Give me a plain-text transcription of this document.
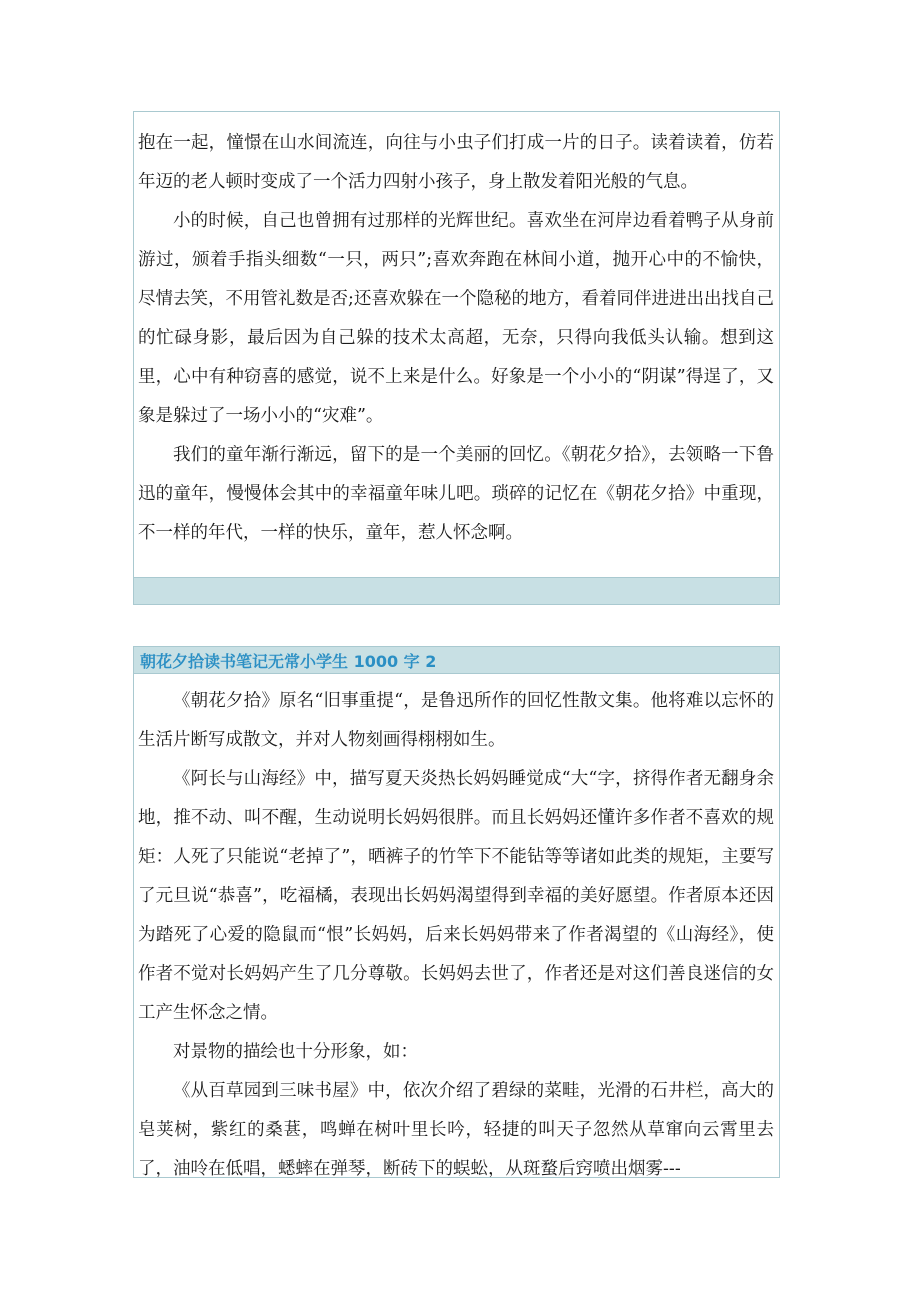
抱在一起，憧憬在山水间流连，向往与小虫子们打成一片的日子。读着读着，仿若年迈的老人顿时变成了一个活力四射小孩子，身上散发着阳光般的气息。

小的时候，自己也曾拥有过那样的光辉世纪。喜欢坐在河岸边看着鸭子从身前游过，颁着手指头细数“一只，两只”;喜欢奔跑在林间小道，抛开心中的不愉快，尽情去笑，不用管礼数是否;还喜欢躲在一个隐秘的地方，看着同伴进进出出找自己的忙碌身影，最后因为自己躲的技术太高超，无奈，只得向我低头认输。想到这里，心中有种窃喜的感觉，说不上来是什么。好象是一个小小的“阴谋”得逞了，又象是躲过了一场小小的“灾难”。

我们的童年渐行渐远，留下的是一个美丽的回忆。《朝花夕拾》，去领略一下鲁迅的童年，慢慢体会其中的幸福童年味儿吧。琐碎的记忆在《朝花夕拾》中重现，不一样的年代，一样的快乐，童年，惹人怀念啊。

朝花夕拾读书笔记无常小学生 1000 字 2

《朝花夕拾》原名“旧事重提“，是鲁迅所作的回忆性散文集。他将难以忘怀的生活片断写成散文，并对人物刻画得栩栩如生。

《阿长与山海经》中，描写夏天炎热长妈妈睡觉成“大“字，挤得作者无翻身余地，推不动、叫不醒，生动说明长妈妈很胖。而且长妈妈还懂许多作者不喜欢的规矩：人死了只能说“老掉了”，晒裤子的竹竿下不能钻等等诸如此类的规矩，主要写了元旦说“恭喜”，吃福橘，表现出长妈妈渴望得到幸福的美好愿望。作者原本还因为踏死了心爱的隐鼠而“恨”长妈妈，后来长妈妈带来了作者渴望的《山海经》，使作者不觉对长妈妈产生了几分尊敬。长妈妈去世了，作者还是对这们善良迷信的女工产生怀念之情。

对景物的描绘也十分形象，如：

《从百草园到三味书屋》中，依次介绍了碧绿的菜畦，光滑的石井栏，高大的皂荚树，紫红的桑葚，鸣蝉在树叶里长吟，轻捷的叫天子忽然从草窜向云霄里去了，油呤在低唱，蟋蟀在弹琴，断砖下的蜈蚣，从斑蝥后窍喷出烟雾---
